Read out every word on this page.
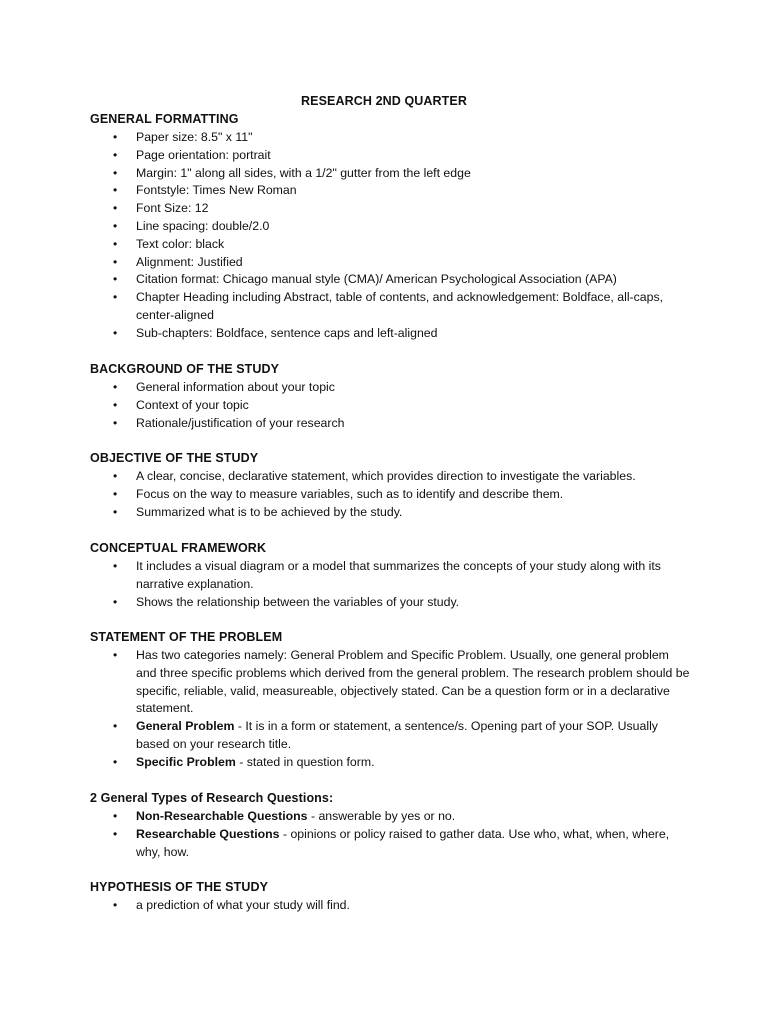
RESEARCH 2ND QUARTER
GENERAL FORMATTING
• Paper size: 8.5" x 11"
• Page orientation: portrait
• Margin: 1" along all sides, with a 1/2" gutter from the left edge
• Fontstyle: Times New Roman
• Font Size: 12
• Line spacing: double/2.0
• Text color: black
• Alignment: Justified
• Citation format: Chicago manual style (CMA)/ American Psychological Association (APA)
• Chapter Heading including Abstract, table of contents, and acknowledgement: Boldface, all-caps, center-aligned
• Sub-chapters: Boldface, sentence caps and left-aligned
BACKGROUND OF THE STUDY
• General information about your topic
• Context of your topic
• Rationale/justification of your research
OBJECTIVE OF THE STUDY
• A clear, concise, declarative statement, which provides direction to investigate the variables.
• Focus on the way to measure variables, such as to identify and describe them.
• Summarized what is to be achieved by the study.
CONCEPTUAL FRAMEWORK
• It includes a visual diagram or a model that summarizes the concepts of your study along with its narrative explanation.
• Shows the relationship between the variables of your study.
STATEMENT OF THE PROBLEM
• Has two categories namely: General Problem and Specific Problem. Usually, one general problem and three specific problems which derived from the general problem. The research problem should be specific, reliable, valid, measureable, objectively stated. Can be a question form or in a declarative statement.
• General Problem - It is in a form or statement, a sentence/s. Opening part of your SOP. Usually based on your research title.
• Specific Problem - stated in question form.
2 General Types of Research Questions:
• Non-Researchable Questions - answerable by yes or no.
• Researchable Questions - opinions or policy raised to gather data. Use who, what, when, where, why, how.
HYPOTHESIS OF THE STUDY
• a prediction of what your study will find.
